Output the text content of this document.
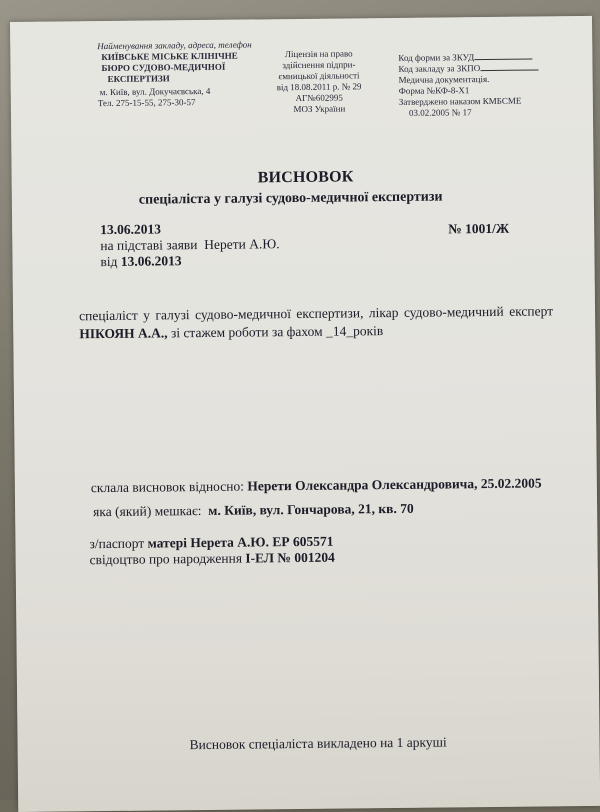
Найменування закладу, адреса, телефон
КИЇВСЬКЕ МІСЬКЕ КЛІНІЧНЕ
БЮРО СУДОВО-МЕДИЧНОЇ
ЕКСПЕРТИЗИ
м. Київ, вул. Докучаєвська, 4
Тел. 275-15-55, 275-30-57
Ліцензія на право
здійснення підпри-
ємницької діяльності
від 18.08.2011 р. № 29
АГ№602995
МОЗ України
Код форми за ЗКУД
Код закладу за ЗКПО
Медична документація.
Форма №КФ-8-Х1
Затверджено наказом КМБСМЕ
03.02.2005 № 17
ВИСНОВОК
спеціаліста у галузі судово-медичної експертизи
13.06.2013	№ 1001/Ж
на підставі заяви Нерети А.Ю.
від 13.06.2013
спеціаліст у галузі судово-медичної експертизи, лікар судово-медичний експерт НІКОЯН А.А., зі стажем роботи за фахом _14_років
склала висновок відносно: Нерети Олександра Олександровича, 25.02.2005
яка (який) мешкає: м. Київ, вул. Гончарова, 21, кв. 70
з/паспорт матері Нерета А.Ю. ЕР 605571
свідоцтво про народження І-ЕЛ № 001204
Висновок спеціаліста викладено на 1 аркуші
